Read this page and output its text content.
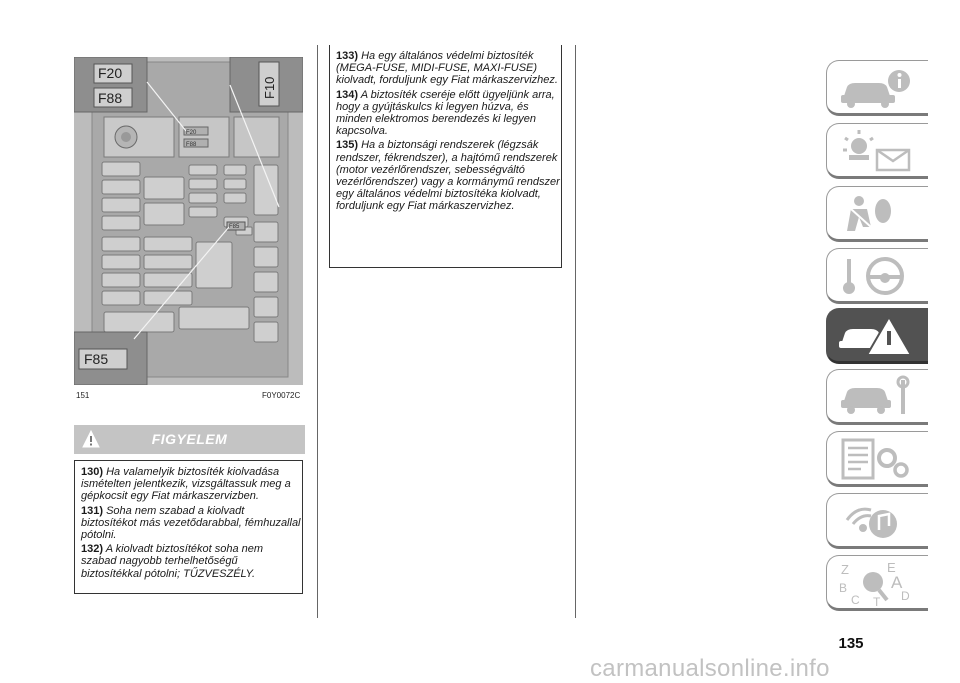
F20
F88
F85
F20
F88	F10
F85
151	F0Y0072C
FIGYELEM

130) Ha valamelyik biztosíték kiolvadása ismételten jelentkezik, vizsgáltassuk meg a gépkocsit egy Fiat márkaszervizben.

131) Soha nem szabad a kiolvadt biztosítékot más vezetődarabbal, fémhuzallal pótolni.

132) A kiolvadt biztosítékot soha nem szabad nagyobb terhelhetőségű biztosítékkal pótolni; TŰZVESZÉLY.

133) Ha egy általános védelmi biztosíték (MEGA-FUSE, MIDI-FUSE, MAXI-FUSE) kiolvadt, forduljunk egy Fiat márkaszervizhez.

134) A biztosíték cseréje előtt ügyeljünk arra, hogy a gyújtáskulcs ki legyen húzva, és minden elektromos berendezés ki legyen kapcsolva.

135) Ha a biztonsági rendszerek (légzsák rendszer, fékrendszer), a hajtómű rendszerek (motor vezérlőrendszer, sebességváltó vezérlőrendszer) vagy a kormánymű rendszer egy általános védelmi biztosítéka kiolvadt, forduljunk egy Fiat márkaszervizhez.

Z	E
A
B
C	D
T
135
carmanualsonline.info
